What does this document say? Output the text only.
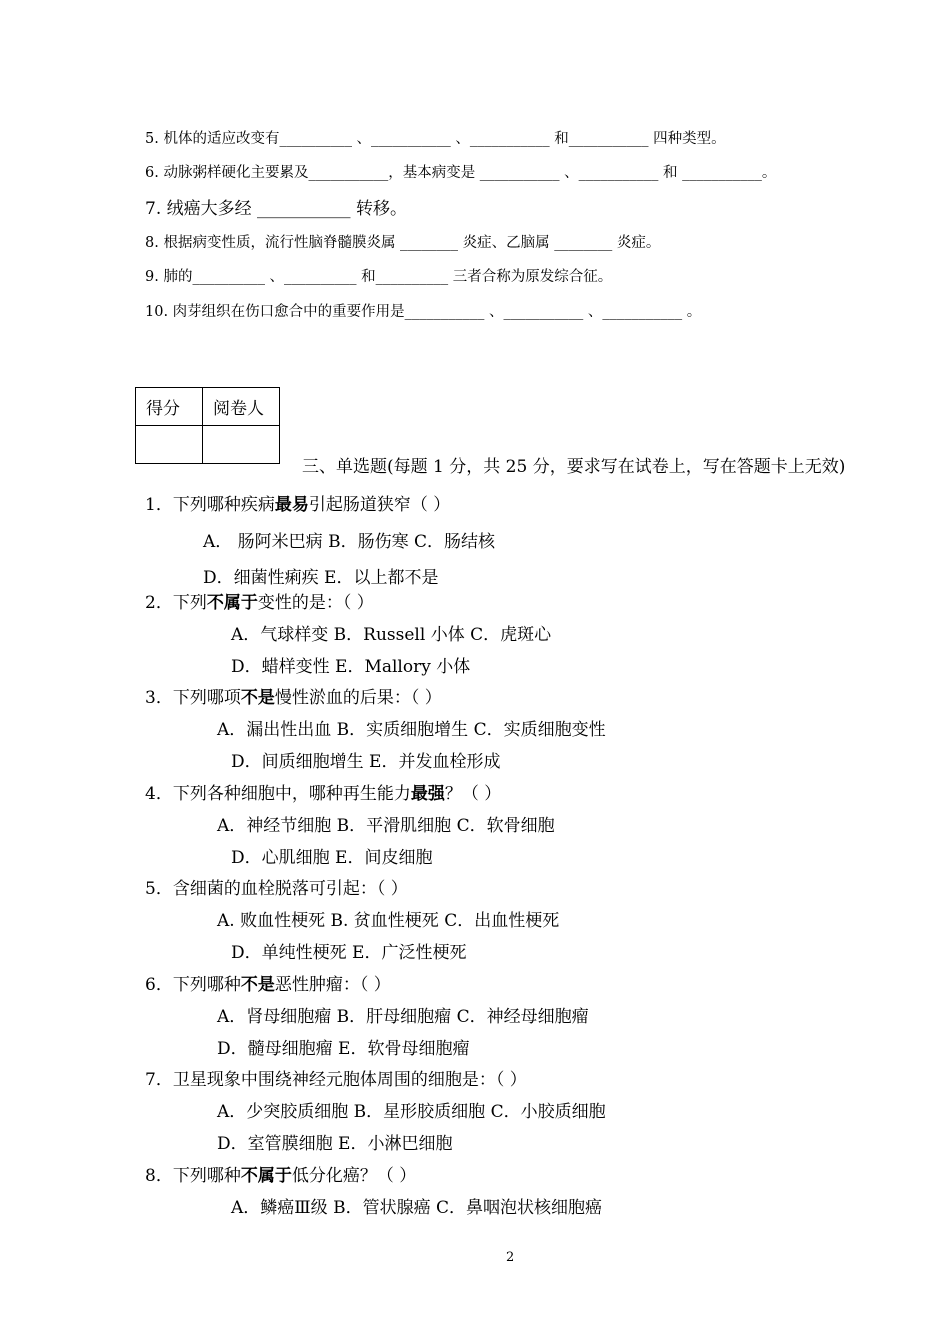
5. 机体的适应改变有__________ 、___________ 、___________ 和___________ 四种类型。
6. 动脉粥样硬化主要累及___________，基本病变是 ___________ 、___________ 和 ___________。
7. 绒癌大多经 ___________ 转移。
8. 根据病变性质，流行性脑脊髓膜炎属 ________ 炎症、乙脑属 ________ 炎症。
9. 肺的__________ 、__________ 和__________ 三者合称为原发综合征。
10. 肉芽组织在伤口愈合中的重要作用是___________ 、___________ 、___________ 。
得分	阅卷人

三、单选题(每题 1 分，共 25 分，要求写在试卷上，写在答题卡上无效)
1．下列哪种疾病最易引起肠道狭窄（ ）
A． 肠阿米巴病 B．肠伤寒 C．肠结核
D．细菌性痢疾 E．以上都不是
2．下列不属于变性的是：（ ）
A．气球样变 B．Russell 小体 C．虎斑心
D．蜡样变性 E．Mallory 小体
3．下列哪项不是慢性淤血的后果：（ ）
A．漏出性出血 B．实质细胞增生 C．实质细胞变性
D．间质细胞增生 E．并发血栓形成
4．下列各种细胞中，哪种再生能力最强？（ ）
A．神经节细胞 B．平滑肌细胞 C．软骨细胞
D．心肌细胞 E．间皮细胞
5．含细菌的血栓脱落可引起：（ ）
A. 败血性梗死 B. 贫血性梗死 C．出血性梗死
D．单纯性梗死 E．广泛性梗死
6．下列哪种不是恶性肿瘤：（ ）
A．肾母细胞瘤 B．肝母细胞瘤 C．神经母细胞瘤
D．髓母细胞瘤 E．软骨母细胞瘤
7．卫星现象中围绕神经元胞体周围的细胞是：（ ）
A．少突胶质细胞 B．星形胶质细胞 C．小胶质细胞
D．室管膜细胞 E．小淋巴细胞
8．下列哪种不属于低分化癌？（ ）
A．鳞癌Ⅲ级 B．管状腺癌 C．鼻咽泡状核细胞癌
2
